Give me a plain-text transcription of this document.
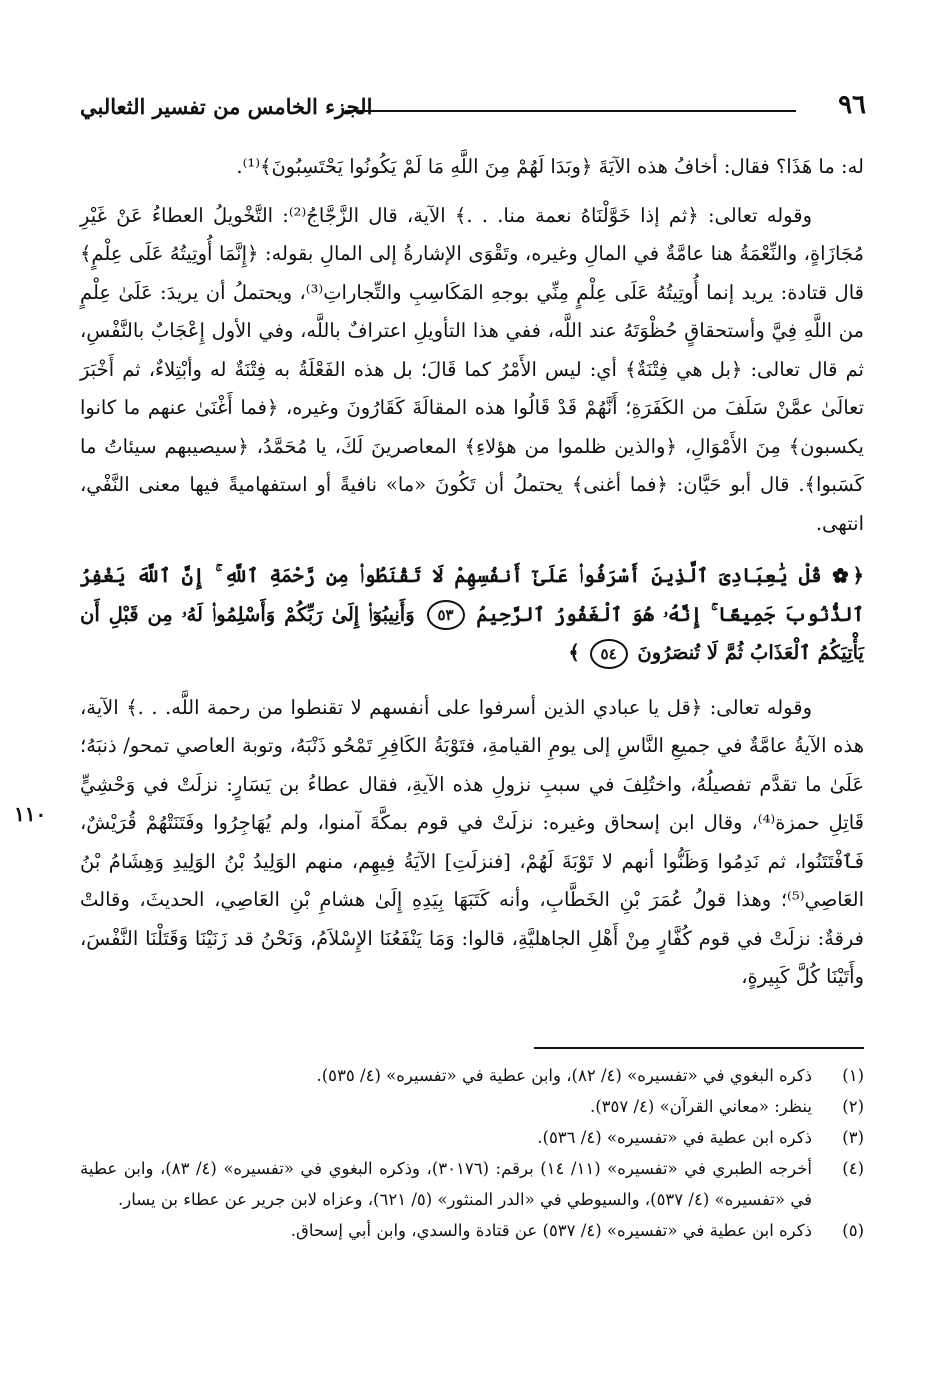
٩٦
الجزء الخامس من تفسير الثعالبي
١١٠

له: ما هَذَا؟ فقال: أخافُ هذه الآيَةَ ﴿وبَدَا لَهُمْ مِنَ اللَّهِ مَا لَمْ يَكُونُوا يَحْتَسِبُونَ﴾⁽¹⁾.

وقوله تعالى: ﴿ثم إذا خَوَّلْنَاهُ نعمة منا. . .﴾ الآية، قال الزَّجَّاجُ⁽²⁾: التَّخْويلُ العطاءُ عَنْ غَيْرِ مُجَازَاةٍ، والنِّعْمَةُ هنا عامَّةٌ في المالِ وغيره، وتَقْوَى الإشارةُ إلى المالِ بقوله: ﴿إِنَّمَا أُوتِيتُهُ عَلَى عِلْمٍ﴾ قال قتادة: يريد إنما أُوتِيتُهُ عَلَى عِلْمٍ مِنِّي بوجهِ المَكَاسِبِ والتِّجاراتِ⁽³⁾، ويحتملُ أن يريدَ: عَلَىٰ عِلْمٍ من اللَّهِ فِيَّ وأستحقاقٍ حُظْوَتَهُ عند اللَّه، ففي هذا التأويلِ اعترافٌ باللَّه، وفي الأول إِعْجَابٌ بالنَّفْسِ، ثم قال تعالى: ﴿بل هي فِتْنَةٌ﴾ أي: ليس الأَمْرُ كما قَالَ؛ بل هذه الفَعْلَةُ به فِتْنَةٌ له وأبْتِلاءٌ، ثم أَخْبَرَ تعالَىٰ عمَّنْ سَلَفَ من الكَفَرَةِ؛ أَنَّهُمْ قَدْ قَالُوا هذه المقالَةَ كَقَارُونَ وغيره، ﴿فما أَغْنَىٰ عنهم ما كانوا يكسبون﴾ مِنَ الأَمْوَالِ، ﴿والذين ظلموا من هؤلاءِ﴾ المعاصرينَ لَكَ، يا مُحَمَّدُ، ﴿سيصيبهم سيئاتُ ما كَسَبوا﴾. قال أبو حَيَّان: ﴿فما أغنى﴾ يحتملُ أن تَكُونَ «ما» نافيةً أو استفهاميةً فيها معنى النَّفْي، انتهى.

﴿✿ قُلْ يَٰعِبَادِىَ ٱلَّذِينَ أَسْرَفُوا۟ عَلَىٰٓ أَنفُسِهِمْ لَا تَقْنَطُوا۟ مِن رَّحْمَةِ ٱللَّهِ ۚ إِنَّ ٱللَّهَ يَغْفِرُ ٱلذُّنُوبَ جَمِيعًا ۚ إِنَّهُۥ هُوَ ٱلْغَفُورُ ٱلرَّحِيمُ ٥٣ وَأَنِيبُوٓا۟ إِلَىٰ رَبِّكُمْ وَأَسْلِمُوا۟ لَهُۥ مِن قَبْلِ أَن يَأْتِيَكُمُ ٱلْعَذَابُ ثُمَّ لَا تُنصَرُونَ ٥٤ ﴾

وقوله تعالى: ﴿قل يا عبادي الذين أسرفوا على أنفسهم لا تقنطوا من رحمة اللَّه. . .﴾ الآية، هذه الآيةُ عامَّةٌ في جميعِ النَّاسِ إلى يومِ القيامةِ، فتَوْبَةُ الكَافِرِ تَمْحُو ذَنْبَهُ، وتوبة العاصي تمحو/ ذنبَهُ؛ عَلَىٰ ما تقدَّم تفصيلُهُ، واختُلِفَ في سببِ نزولِ هذه الآيةِ، فقال عطاءُ بن يَسَارٍ: نزلَتْ في وَحْشِيٍّ قَاتِلِ حمزة⁽⁴⁾، وقال ابن إسحاق وغيره: نزلَتْ في قوم بمكَّةَ آمنوا، ولم يُهَاجِرُوا وفَتَنَتْهُمْ قُرَيْشٌ، فَٱفْتَتَنُوا، ثم نَدِمُوا وَظَنُّوا أنهم لا تَوْبَةَ لَهُمْ، [فنزلَتِ] الآيَةُ فِيهِم، منهم الوَلِيدُ بْنُ الوَلِيدِ وَهِشَامُ بْنُ العَاصِي⁽⁵⁾؛ وهذا قولُ عُمَرَ بْنِ الخَطَّابِ، وأنه كَتَبَهَا بِيَدِهِ إِلَىٰ هشامِ بْنِ العَاصِي، الحديثَ، وقالتْ فرقةٌ: نزلَتْ في قوم كُفَّارٍ مِنْ أَهْلِ الجاهليَّةِ، قالوا: وَمَا يَنْفَعُنَا الإِسْلاَمُ، وَنَحْنُ قد زَنَيْنَا وَقَتَلْنَا النَّفْسَ، وأَتَيْنَا كُلَّ كَبِيرةٍ،

(١)
ذكره البغوي في «تفسيره» (٤/ ٨٢)، وابن عطية في «تفسيره» (٤/ ٥٣٥).
(٢)
ينظر: «معاني القرآن» (٤/ ٣٥٧).
(٣)
ذكره ابن عطية في «تفسيره» (٤/ ٥٣٦).
(٤)
أخرجه الطبري في «تفسيره» (١١/ ١٤) برقم: (٣٠١٧٦)، وذكره البغوي في «تفسيره» (٤/ ٨٣)، وابن عطية في «تفسيره» (٤/ ٥٣٧)، والسيوطي في «الدر المنثور» (٥/ ٦٢١)، وعزاه لابن جرير عن عطاء بن يسار.
(٥)
ذكره ابن عطية في «تفسيره» (٤/ ٥٣٧) عن قتادة والسدي، وابن أبي إسحاق.
